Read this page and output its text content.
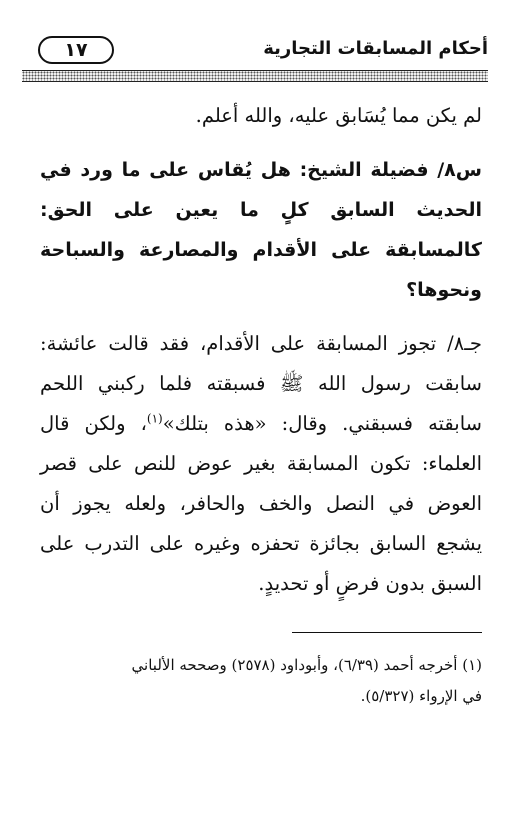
١٧	أحكام المسابقات التجارية

لم يكن مما يُسَابق عليه، والله أعلم.

س٨/ فضيلة الشيخ: هل يُقاس على ما ورد في الحديث السابق كلٍ ما يعين على الحق: كالمسابقة على الأقدام والمصارعة والسباحة ونحوها؟

جـ٨/ تجوز المسابقة على الأقدام، فقد قالت عائشة: سابقت رسول الله ﷺ فسبقته فلما ركبني اللحم سابقته فسبقني. وقال: «هذه بتلك»$^{(١)}$، ولكن قال العلماء: تكون المسابقة بغير عوض للنص على قصر العوض في النصل والخف والحافر، ولعله يجوز أن يشجع السابق بجائزة تحفزه وغيره على التدرب على السبق بدون فرضٍ أو تحديدٍ.

(١) أخرجه أحمد (٦/٣٩)، وأبوداود (٢٥٧٨) وصححه الألباني

في الإرواء (٥/٣٢٧).
